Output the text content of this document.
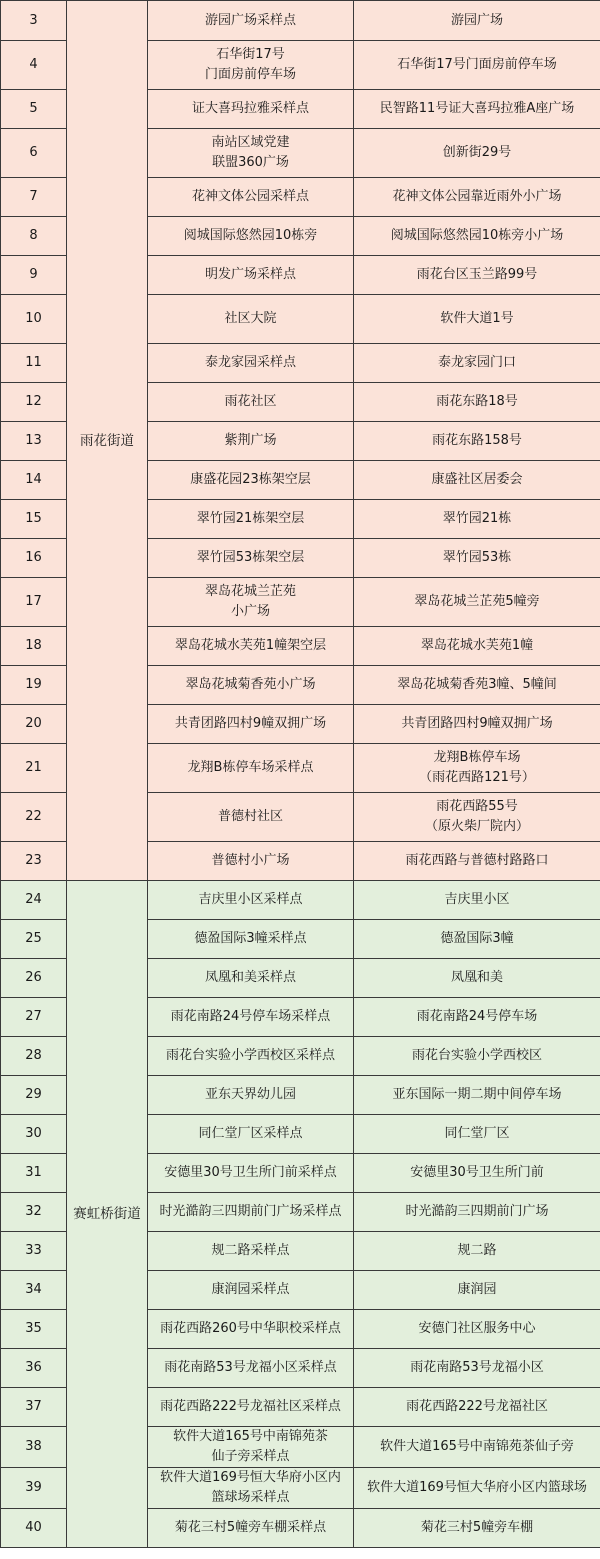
3	雨花街道	游园广场采样点	游园广场
4		石华街17号
门面房前停车场	石华街17号门面房前停车场
5		证大喜玛拉雅采样点	民智路11号证大喜玛拉雅A座广场
6		南站区域党建
联盟360广场	创新街29号
7		花神文体公园采样点	花神文体公园靠近雨外小广场
8		阅城国际悠然园10栋旁	阅城国际悠然园10栋旁小广场
9		明发广场采样点	雨花台区玉兰路99号
10		社区大院	软件大道1号
11		泰龙家园采样点	泰龙家园门口
12		雨花社区	雨花东路18号
13		紫荆广场	雨花东路158号
14		康盛花园23栋架空层	康盛社区居委会
15		翠竹园21栋架空层	翠竹园21栋
16		翠竹园53栋架空层	翠竹园53栋
17		翠岛花城兰芷苑
小广场	翠岛花城兰芷苑5幢旁
18		翠岛花城水芙苑1幢架空层	翠岛花城水芙苑1幢
19		翠岛花城菊香苑小广场	翠岛花城菊香苑3幢、5幢间
20		共青团路四村9幢双拥广场	共青团路四村9幢双拥广场
21		龙翔B栋停车场采样点	龙翔B栋停车场
（雨花西路121号）
22		普德村社区	雨花西路55号
（原火柴厂院内）
23		普德村小广场	雨花西路与普德村路路口
24	赛虹桥街道	吉庆里小区采样点	吉庆里小区
25		德盈国际3幢采样点	德盈国际3幢
26		凤凰和美采样点	凤凰和美
27		雨花南路24号停车场采样点	雨花南路24号停车场
28		雨花台实验小学西校区采样点	雨花台实验小学西校区
29		亚东天界幼儿园	亚东国际一期二期中间停车场
30		同仁堂厂区采样点	同仁堂厂区
31		安德里30号卫生所门前采样点	安德里30号卫生所门前
32		时光澔韵三四期前门广场采样点	时光澔韵三四期前门广场
33		规二路采样点	规二路
34		康润园采样点	康润园
35		雨花西路260号中华职校采样点	安德门社区服务中心
36		雨花南路53号龙福小区采样点	雨花南路53号龙福小区
37		雨花西路222号龙福社区采样点	雨花西路222号龙福社区
38		软件大道165号中南锦苑茶
仙子旁采样点	软件大道165号中南锦苑茶仙子旁
39		软件大道169号恒大华府小区内
篮球场采样点	软件大道169号恒大华府小区内篮球场
40		菊花三村5幢旁车棚采样点	菊花三村5幢旁车棚
